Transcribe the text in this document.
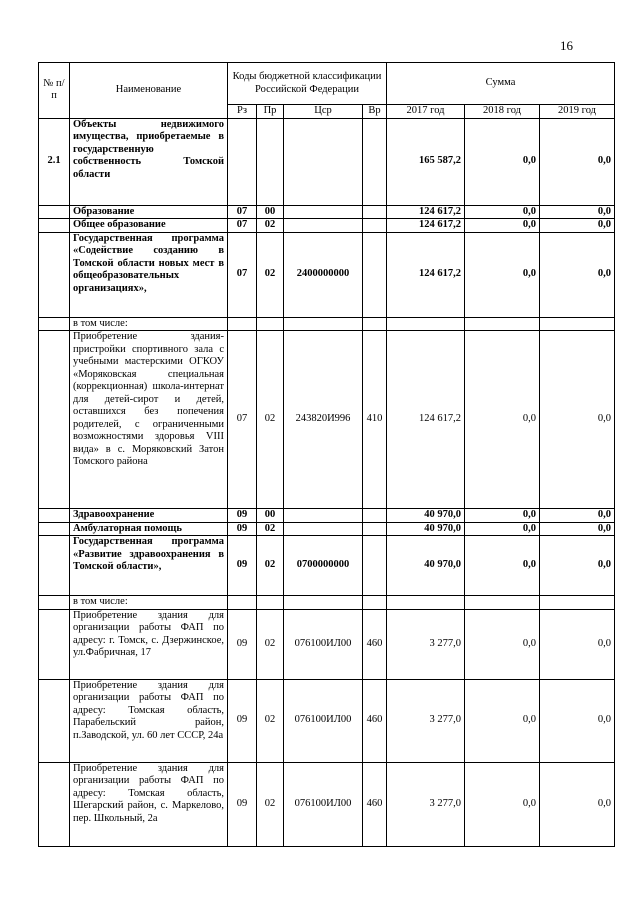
16
№ п/п	Наименование	Коды бюджетной классификации Российской Федерации				Сумма		
		Рз	Пр	Цср	Вр	2017 год	2018 год	2019 год
2.1	Объекты недвижимого имущества, приобретаемые в государственную собственность Томской области					165 587,2	0,0	0,0
	Образование	07	00			124 617,2	0,0	0,0
	Общее образование	07	02			124 617,2	0,0	0,0
	Государственная программа «Содействие созданию в Томской области новых мест в общеобразовательных организациях»,	07	02	2400000000		124 617,2	0,0	0,0
	в том числе:							
	Приобретение здания-пристройки спортивного зала с учебными мастерскими ОГКОУ «Моряковская специальная (коррекционная) школа-интернат для детей-сирот и детей, оставшихся без попечения родителей, с ограниченными возможностями здоровья VIII вида» в с. Моряковский Затон Томского района	07	02	243820И996	410	124 617,2	0,0	0,0
	Здравоохранение	09	00			40 970,0	0,0	0,0
	Амбулаторная помощь	09	02			40 970,0	0,0	0,0
	Государственная программа «Развитие здравоохранения в Томской области»,	09	02	0700000000		40 970,0	0,0	0,0
	в том числе:							
	Приобретение здания для организации работы ФАП по адресу: г. Томск, с. Дзержинское, ул.Фабричная, 17	09	02	076100ИЛ00	460	3 277,0	0,0	0,0
	Приобретение здания для организации работы ФАП по адресу: Томская область, Парабельский район, п.Заводской, ул. 60 лет СССР, 24а	09	02	076100ИЛ00	460	3 277,0	0,0	0,0
	Приобретение здания для организации работы ФАП по адресу: Томская область, Шегарский район, с. Маркелово, пер. Школьный, 2а	09	02	076100ИЛ00	460	3 277,0	0,0	0,0
